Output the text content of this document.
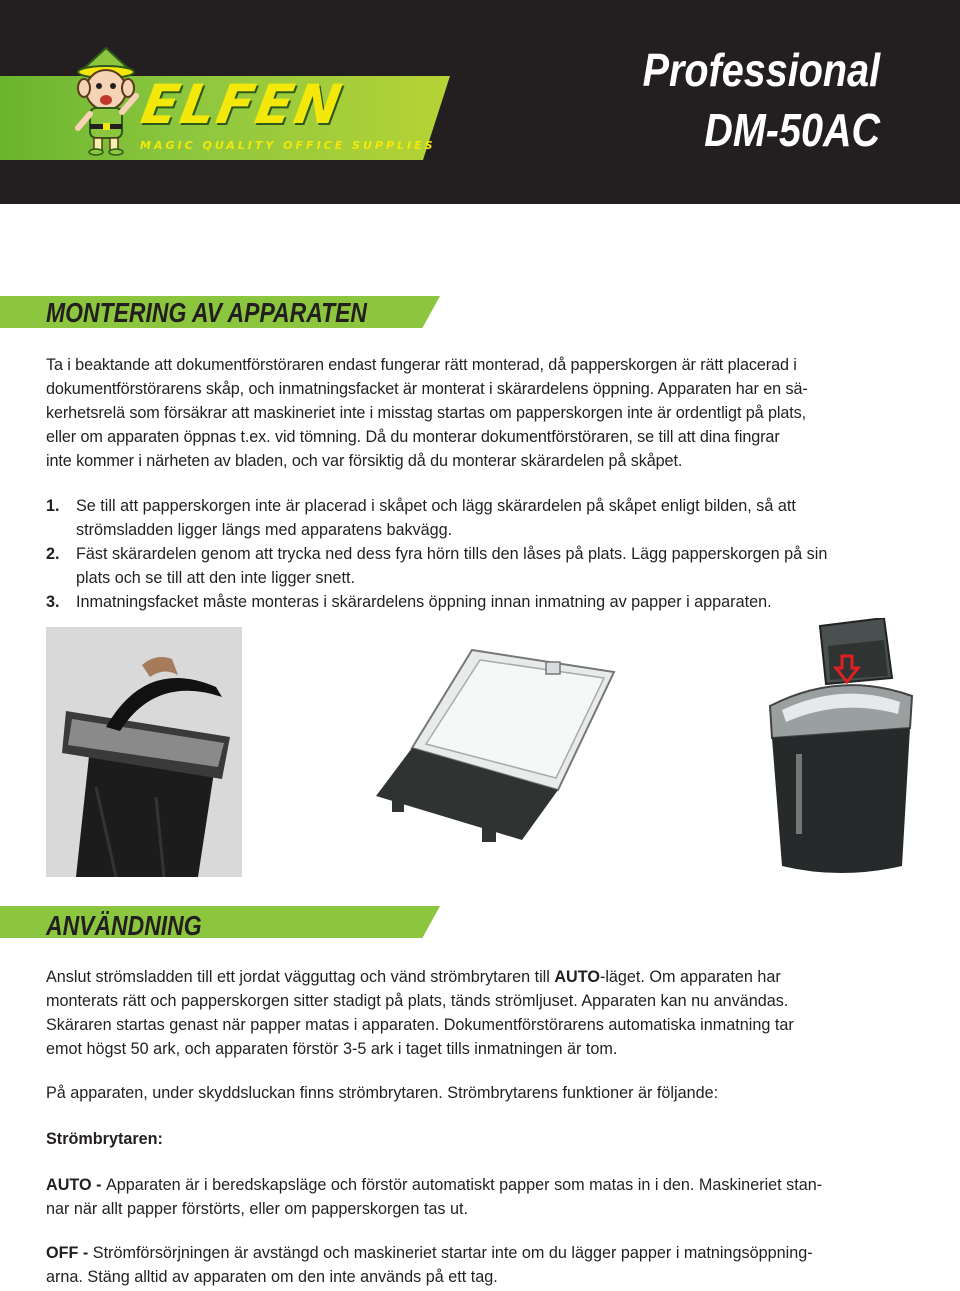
ELFEN
MAGIC QUALITY OFFICE SUPPLIES
Professional
DM-50AC
MONTERING AV APPARATEN
Ta i beaktande att dokumentförstöraren endast fungerar rätt monterad, då papperskorgen är rätt placerad i
dokumentförstörarens skåp, och inmatningsfacket är monterat i skärardelens öppning. Apparaten har en sä-
kerhetsrelä som försäkrar att maskineriet inte i misstag startas om papperskorgen inte är ordentligt på plats,
eller om apparaten öppnas t.ex. vid tömning. Då du monterar dokumentförstöraren, se till att dina fingrar
inte kommer i närheten av bladen, och var försiktig då du monterar skärardelen på skåpet.
1. Se till att papperskorgen inte är placerad i skåpet och lägg skärardelen på skåpet enligt bilden, så att
strömsladden ligger längs med apparatens bakvägg.
2. Fäst skärardelen genom att trycka ned dess fyra hörn tills den låses på plats. Lägg papperskorgen på sin
plats och se till att den inte ligger snett.
3. Inmatningsfacket måste monteras i skärardelens öppning innan inmatning av papper i apparaten.
ANVÄNDNING
Anslut strömsladden till ett jordat vägguttag och vänd strömbrytaren till AUTO-läget. Om apparaten har
monterats rätt och papperskorgen sitter stadigt på plats, tänds strömljuset. Apparaten kan nu användas.
Skäraren startas genast när papper matas i apparaten. Dokumentförstörarens automatiska inmatning tar
emot högst 50 ark, och apparaten förstör 3-5 ark i taget tills inmatningen är tom.
På apparaten, under skyddsluckan finns strömbrytaren. Strömbrytarens funktioner är följande:
Strömbrytaren:
AUTO - Apparaten är i beredskapsläge och förstör automatiskt papper som matas in i den. Maskineriet stan-
nar när allt papper förstörts, eller om papperskorgen tas ut.
OFF - Strömförsörjningen är avstängd och maskineriet startar inte om du lägger papper i matningsöppning-
arna. Stäng alltid av apparaten om den inte används på ett tag.
